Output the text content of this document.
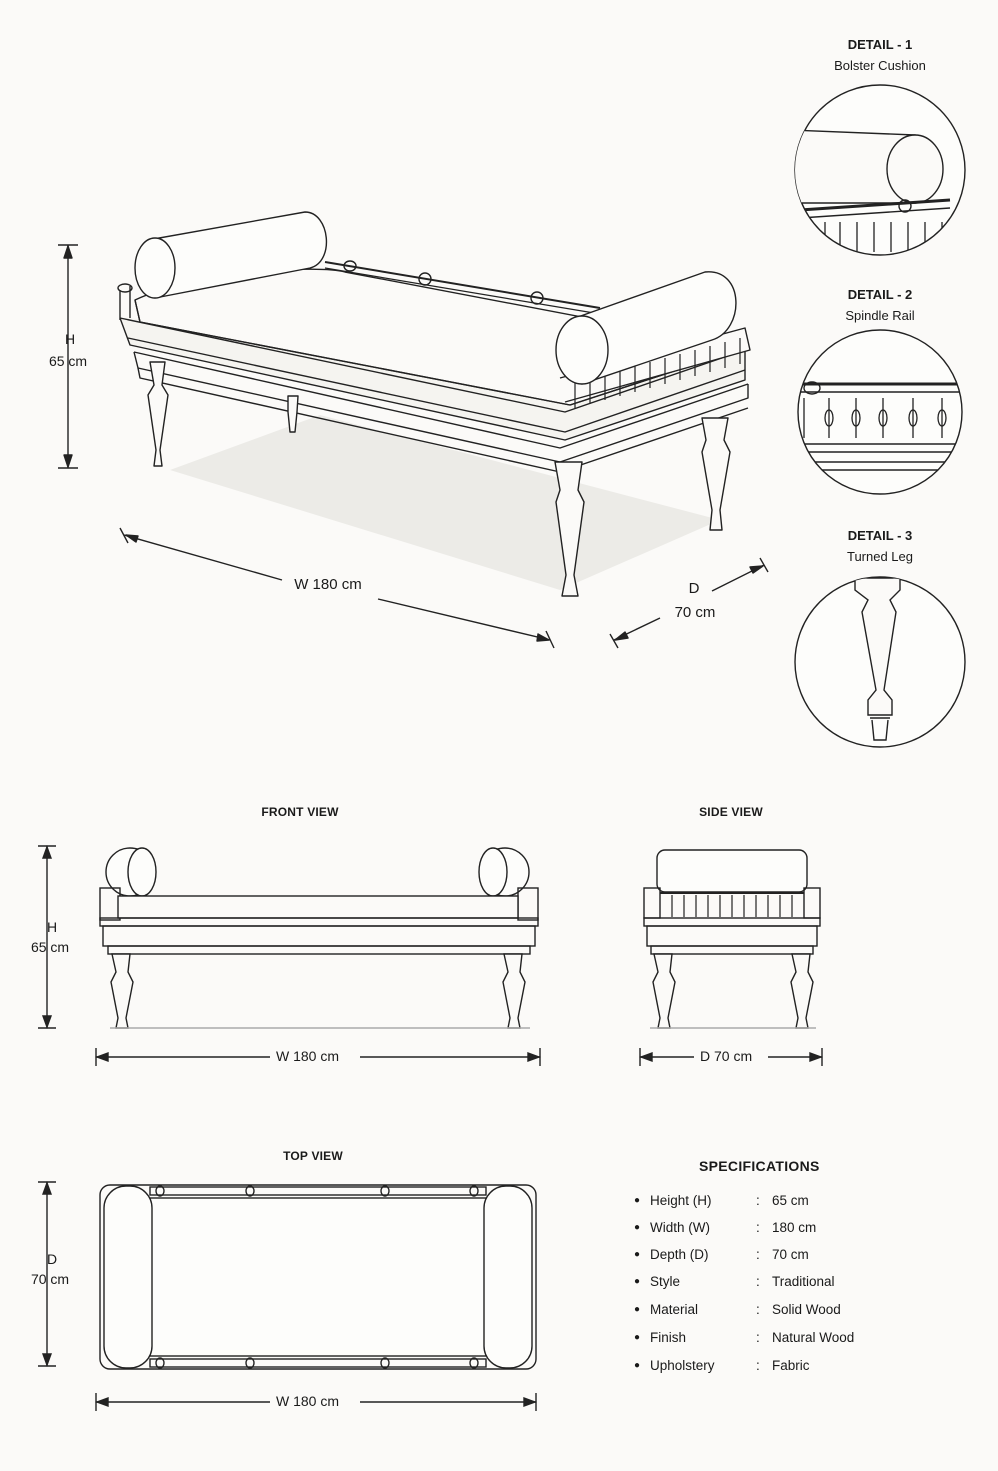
H
65 cm
W 180 cm	D
70 cm
DETAIL - 1
Bolster Cushion
DETAIL - 2
Spindle Rail
DETAIL - 3
Turned Leg
FRONT VIEW	SIDE VIEW
H
65 cm
W 180 cm	D 70 cm
TOP VIEW
D
70 cm
W 180 cm
SPECIFICATIONS
● Height (H)	: 65 cm
● Width (W)	: 180 cm
● Depth (D)	: 70 cm
● Style	: Traditional
● Material	: Solid Wood
● Finish	: Natural Wood
● Upholstery	: Fabric
